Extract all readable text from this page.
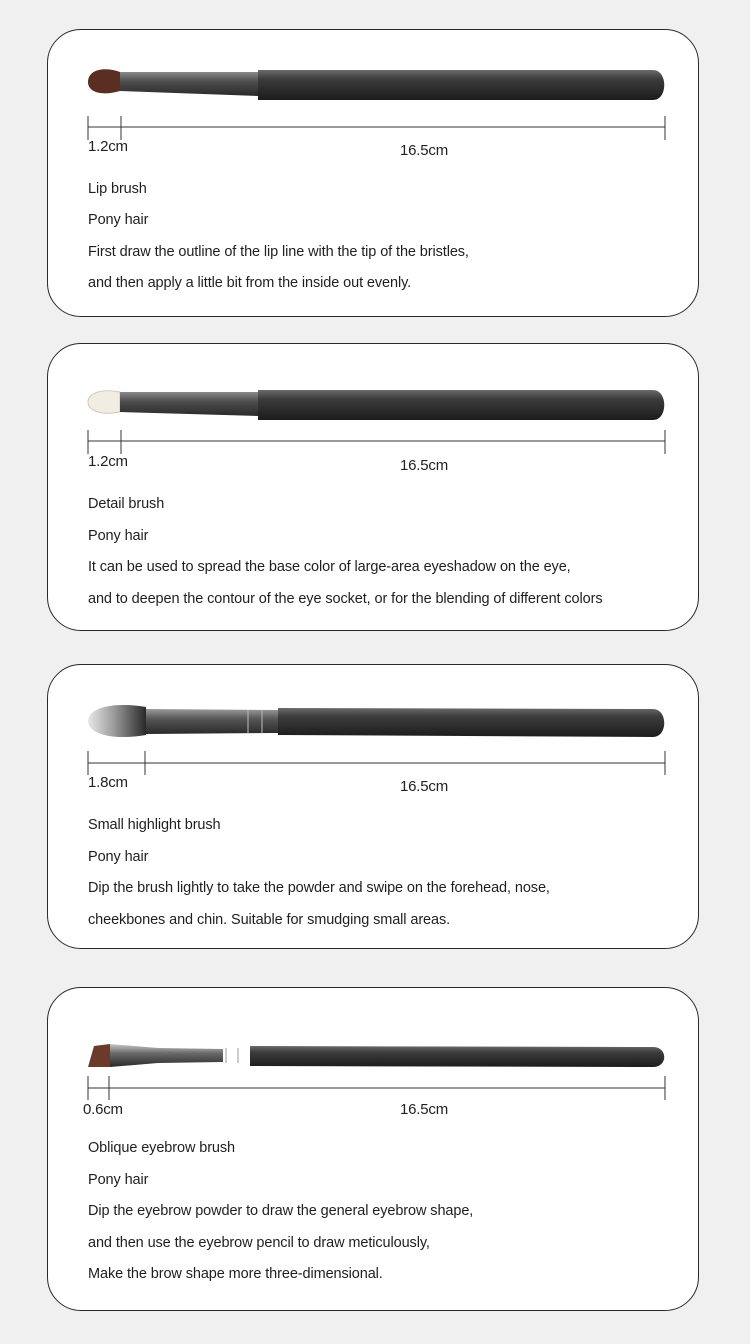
1.2cm	16.5cm
Lip brush
Pony hair
First draw the outline of the lip line with the tip of the bristles,
and then apply a little bit from the inside out evenly.
1.2cm	16.5cm
Detail brush
Pony hair
It can be used to spread the base color of large-area eyeshadow on the eye,
and to deepen the contour of the eye socket, or for the blending of different colors
1.8cm	16.5cm
Small highlight brush
Pony hair
Dip the brush lightly to take the powder and swipe on the forehead, nose,
cheekbones and chin. Suitable for smudging small areas.
0.6cm	16.5cm
Oblique eyebrow brush
Pony hair
Dip the eyebrow powder to draw the general eyebrow shape,
and then use the eyebrow pencil to draw meticulously,
Make the brow shape more three-dimensional.
